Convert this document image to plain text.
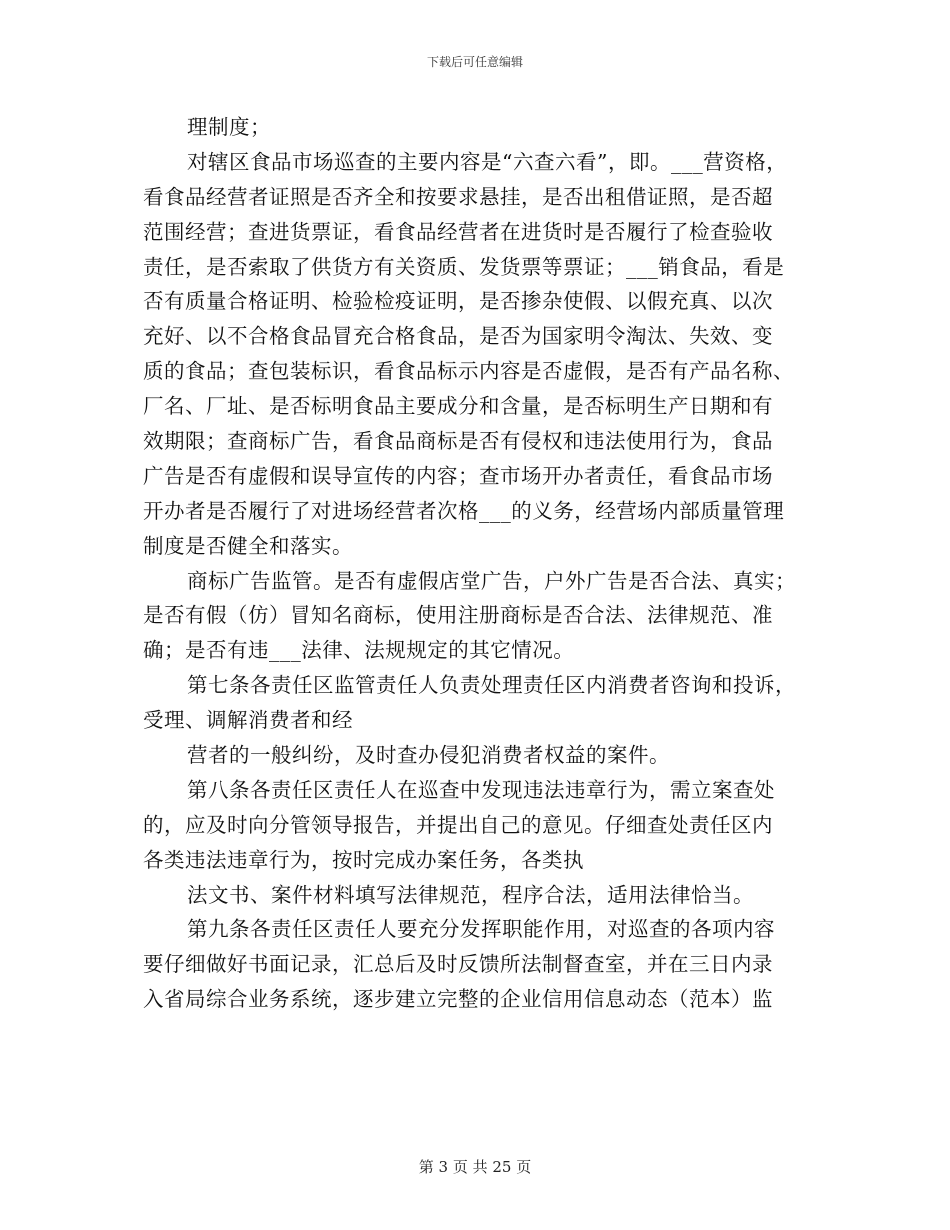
下载后可任意编辑
理制度；
对辖区食品市场巡查的主要内容是“六查六看”，即。___营资格，
看食品经营者证照是否齐全和按要求悬挂，是否出租借证照，是否超
范围经营；查进货票证，看食品经营者在进货时是否履行了检查验收
责任，是否索取了供货方有关资质、发货票等票证；___销食品，看是
否有质量合格证明、检验检疫证明，是否掺杂使假、以假充真、以次
充好、以不合格食品冒充合格食品，是否为国家明令淘汰、失效、变
质的食品；查包装标识，看食品标示内容是否虚假，是否有产品名称、
厂名、厂址、是否标明食品主要成分和含量，是否标明生产日期和有
效期限；查商标广告，看食品商标是否有侵权和违法使用行为，食品
广告是否有虚假和误导宣传的内容；查市场开办者责任，看食品市场
开办者是否履行了对进场经营者次格___的义务，经营场内部质量管理
制度是否健全和落实。
商标广告监管。是否有虚假店堂广告，户外广告是否合法、真实；
是否有假（仿）冒知名商标，使用注册商标是否合法、法律规范、准
确；是否有违___法律、法规规定的其它情况。
第七条各责任区监管责任人负责处理责任区内消费者咨询和投诉，
受理、调解消费者和经
营者的一般纠纷，及时查办侵犯消费者权益的案件。
第八条各责任区责任人在巡查中发现违法违章行为，需立案查处
的，应及时向分管领导报告，并提出自己的意见。仔细查处责任区内
各类违法违章行为，按时完成办案任务，各类执
法文书、案件材料填写法律规范，程序合法，适用法律恰当。
第九条各责任区责任人要充分发挥职能作用，对巡查的各项内容
要仔细做好书面记录，汇总后及时反馈所法制督查室，并在三日内录
入省局综合业务系统，逐步建立完整的企业信用信息动态（范本）监
第 3 页 共 25 页
